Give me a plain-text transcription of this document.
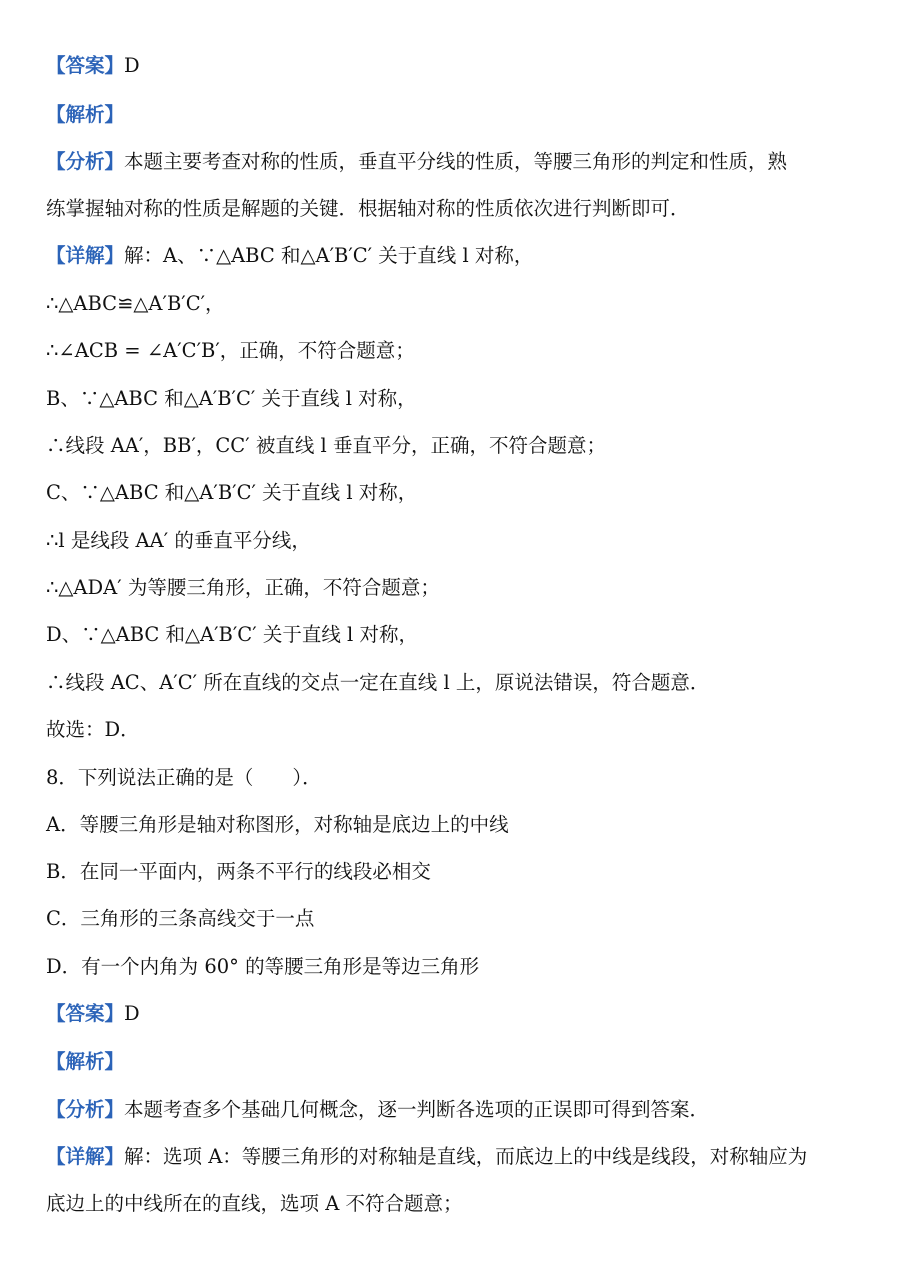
【答案】D
【解析】
【分析】本题主要考查对称的性质，垂直平分线的性质，等腰三角形的判定和性质，熟
练掌握轴对称的性质是解题的关键．根据轴对称的性质依次进行判断即可．
【详解】解：A、∵△ABC 和△A′B′C′ 关于直线 l 对称，
∴△ABC≌△A′B′C′，
∴∠ACB = ∠A′C′B′，正确，不符合题意；
B、∵△ABC 和△A′B′C′ 关于直线 l 对称，
∴线段 AA′，BB′，CC′ 被直线 l 垂直平分，正确，不符合题意；
C、∵△ABC 和△A′B′C′ 关于直线 l 对称，
∴l 是线段 AA′ 的垂直平分线，
∴△ADA′ 为等腰三角形，正确，不符合题意；
D、∵△ABC 和△A′B′C′ 关于直线 l 对称，
∴线段 AC、A′C′ 所在直线的交点一定在直线 l 上，原说法错误，符合题意．
故选：D．
8．下列说法正确的是（　　）．
A．等腰三角形是轴对称图形，对称轴是底边上的中线
B．在同一平面内，两条不平行的线段必相交
C．三角形的三条高线交于一点
D．有一个内角为 60° 的等腰三角形是等边三角形
【答案】D
【解析】
【分析】本题考查多个基础几何概念，逐一判断各选项的正误即可得到答案．
【详解】解：选项 A：等腰三角形的对称轴是直线，而底边上的中线是线段，对称轴应为
底边上的中线所在的直线，选项 A 不符合题意；
